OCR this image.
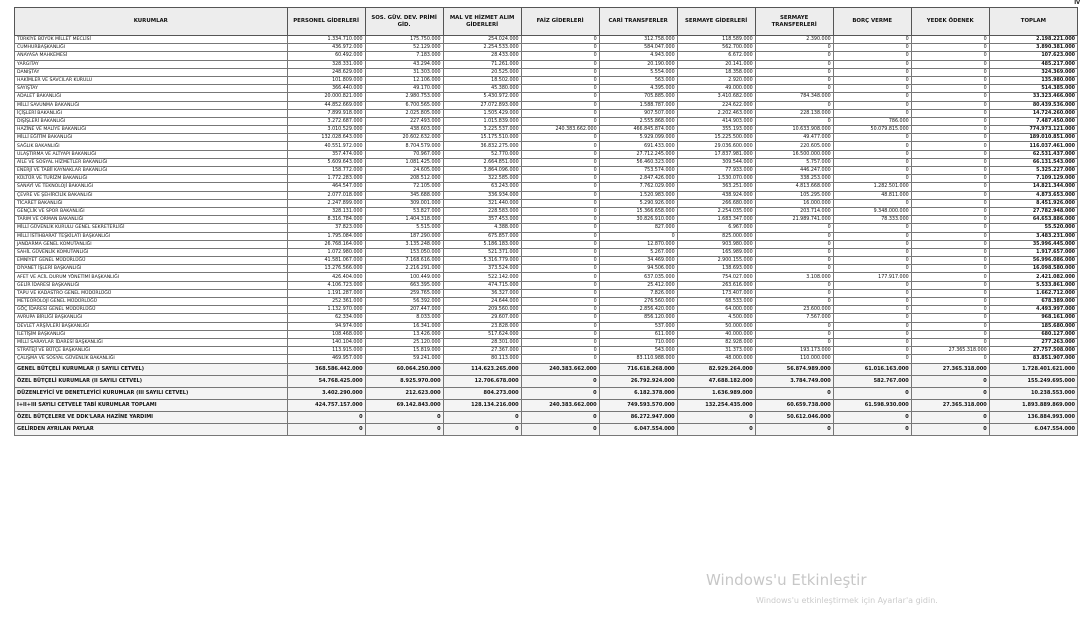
IV
KURUMLAR	PERSONEL GİDERLERİ	SOS. GÜV. DEV. PRİMİ GİD.	MAL VE HİZMET ALIM GİDERLERİ	FAİZ GİDERLERİ	CARİ TRANSFERLER	SERMAYE GİDERLERİ	SERMAYE TRANSFERLERİ	BORÇ VERME	YEDEK ÖDENEK	TOPLAM
TÜRKİYE BÜYÜK MİLLET MECLİSİ	1.334.710.000	175.750.000	254.024.000	0	312.758.000	118.589.000	2.390.000	0	0	2.198.221.000
CUMHURBAŞKANLIĞI	436.972.000	52.129.000	2.254.533.000	0	584.047.000	562.700.000	0	0	0	3.890.381.000
ANAYASA MAHKEMESİ	60.492.000	7.183.000	28.433.000	0	4.943.000	6.672.000	0	0	0	107.623.000
YARGITAY	328.331.000	43.294.000	71.261.000	0	20.190.000	20.141.000	0	0	0	485.217.000
DANIŞTAY	248.629.000	31.303.000	20.525.000	0	5.554.000	18.358.000	0	0	0	324.369.000
HAKİMLER VE SAVCILAR KURULU	101.809.000	12.106.000	18.502.000	0	563.000	2.920.000	0	0	0	135.980.000
SAYIŞTAY	366.440.000	49.170.000	45.380.000	0	4.395.000	49.000.000	0	0	0	514.385.000
ADALET BAKANLIĞI	20.000.821.000	2.980.753.000	5.430.972.000	0	705.885.000	3.410.682.000	784.348.000	0	0	33.323.466.000
MİLLİ SAVUNMA BAKANLIĞI	44.852.669.000	6.700.565.000	27.072.893.000	0	1.588.787.000	224.622.000	0	0	0	80.439.536.000
İÇİŞLERİ BAKANLIĞI	7.899.918.000	2.025.805.000	1.505.429.000	0	907.507.000	2.202.463.000	228.138.000	0	0	14.724.260.000
DIŞİŞLERİ BAKANLIĞI	3.272.687.000	227.493.000	1.015.839.000	0	2.555.868.000	414.903.000	0	786.000	0	7.487.450.000
HAZİNE VE MALİYE BAKANLIĞI	3.010.529.000	438.603.000	3.225.537.000	240.383.662.000	466.845.874.000	355.193.000	10.633.908.000	50.079.815.000	0	774.973.121.000
MİLLİ EĞİTİM BAKANLIĞI	132.028.643.000	20.602.632.000	15.175.510.000	0	5.929.099.000	15.225.500.000	49.477.000	0	0	189.010.851.000
SAĞLIK BAKANLIĞI	40.551.972.000	8.704.579.000	36.832.275.000	0	691.433.000	29.036.600.000	220.605.000	0	0	116.037.461.000
ULAŞTIRMA VE ALTYAPI BAKANLIĞI	357.474.000	70.967.000	52.770.000	0	27.712.245.000	17.837.981.000	16.500.000.000	0	0	62.531.437.000
AİLE VE SOSYAL HİZMETLER BAKANLIĞI	5.609.643.000	1.081.425.000	2.664.851.000	0	56.460.323.000	309.544.000	5.757.000	0	0	66.131.543.000
ENERJİ VE TABİİ KAYNAKLAR BAKANLIĞI	158.772.000	24.605.000	3.864.096.000	0	753.574.000	77.933.000	446.247.000	0	0	5.325.227.000
KÜLTÜR VE TURİZM BAKANLIĞI	1.772.283.000	208.512.000	322.585.000	0	2.847.426.000	1.530.070.000	338.253.000	0	0	7.109.129.000
SANAYİ VE TEKNOLOJİ BAKANLIĞI	464.547.000	72.105.000	63.243.000	0	7.762.029.000	363.251.000	4.813.668.000	1.282.501.000	0	14.821.344.000
ÇEVRE VE ŞEHİRCİLİK BAKANLIĞI	2.077.018.000	345.688.000	336.934.000	0	1.520.983.000	438.924.000	105.295.000	48.811.000	0	4.873.653.000
TİCARET BAKANLIĞI	2.247.899.000	309.001.000	321.440.000	0	5.290.926.000	266.680.000	16.000.000	0	0	8.451.926.000
GENÇLİK VE SPOR BAKANLIĞI	328.131.000	53.827.000	228.583.000	0	15.366.658.000	2.254.035.000	203.714.000	9.348.000.000	0	27.782.948.000
TARIM VE ORMAN BAKANLIĞI	8.316.784.000	1.404.318.000	357.453.000	0	30.826.910.000	1.683.347.000	21.989.741.000	78.333.000	0	64.653.886.000
MİLLİ GÜVENLİK KURULU GENEL SEKRETERLİĞİ	37.823.000	5.515.000	4.388.000	0	827.000	6.967.000	0	0	0	55.520.000
MİLLİ İSTİHBARAT TEŞKİLATI BAŞKANLIĞI	1.795.084.000	187.290.000	675.857.000	0	0	825.000.000	0	0	0	3.483.231.000
JANDARMA GENEL KOMUTANLIĞI	26.768.164.000	3.135.248.000	5.186.183.000	0	12.870.000	903.980.000	0	0	0	35.996.445.000
SAHİL GÜVENLİK KOMUTANLIĞI	1.072.980.000	153.050.000	521.371.000	0	5.267.000	165.989.000	0	0	0	1.917.657.000
EMNİYET GENEL MÜDÜRLÜĞÜ	41.581.067.000	7.168.616.000	5.316.779.000	0	34.469.000	2.900.155.000	0	0	0	56.996.086.000
DİYANET İŞLERİ BAŞKANLIĞI	13.276.566.000	2.216.291.000	373.524.000	0	94.506.000	138.693.000	0	0	0	16.098.580.000
AFET VE ACİL DURUM YÖNETİMİ BAŞKANLIĞI	426.404.000	100.449.000	522.142.000	0	637.035.000	754.027.000	3.108.000	177.917.000	0	2.421.082.000
GELİR İDARESİ BAŞKANLIĞI	4.106.723.000	663.395.000	474.715.000	0	25.412.000	263.616.000	0	0	0	5.533.861.000
TAPU VE KADASTRO GENEL MÜDÜRLÜĞÜ	1.191.287.000	259.765.000	36.327.000	0	7.826.000	173.407.000	0	0	0	1.662.712.000
METEOROLOJİ GENEL MÜDÜRLÜĞÜ	252.361.000	56.392.000	24.644.000	0	276.560.000	68.533.000	0	0	0	678.389.000
GÖÇ İDARESİ GENEL MÜDÜRLÜĞÜ	1.132.970.000	207.447.000	209.560.000	0	2.856.420.000	64.000.000	23.600.000	0	0	4.493.997.000
AVRUPA BİRLİĞİ BAŞKANLIĞI	62.334.000	8.033.000	29.607.000	0	856.120.000	4.500.000	7.567.000	0	0	968.161.000
DEVLET ARŞİVLERİ BAŞKANLIĞI	94.974.000	16.341.000	23.828.000	0	537.000	50.000.000	0	0	0	185.680.000
İLETİŞİM BAŞKANLIĞI	108.468.000	13.426.000	517.624.000	0	611.000	40.000.000	0	0	0	680.127.000
MİLLİ SARAYLAR İDARESİ BAŞKANLIĞI	140.104.000	25.120.000	28.301.000	0	710.000	82.928.000	0	0	0	277.263.000
STRATEJİ VE BÜTÇE BAŞKANLIĞI	113.915.000	15.819.000	27.367.000	0	543.000	31.373.000	193.173.000	0	27.365.318.000	27.757.508.000
ÇALIŞMA VE SOSYAL GÜVENLİK BAKANLIĞI	469.957.000	59.241.000	80.113.000	0	83.110.988.000	48.000.000	110.000.000	0	0	83.851.907.000
GENEL BÜTÇELİ KURUMLAR (I SAYILI CETVEL)	368.586.442.000	60.064.250.000	114.623.265.000	240.383.662.000	716.618.268.000	82.929.264.000	56.874.989.000	61.016.163.000	27.365.318.000	1.728.401.621.000
ÖZEL BÜTÇELİ KURUMLAR (II SAYILI CETVEL)	54.768.425.000	8.925.970.000	12.706.678.000	0	26.792.924.000	47.688.182.000	3.784.749.000	582.767.000	0	155.249.695.000
DÜZENLEYİCİ VE DENETLEYİCİ KURUMLAR (III SAYILI CETVEL)	3.402.290.000	212.623.000	804.273.000	0	6.182.378.000	1.636.989.000	0	0	0	10.238.553.000
I+II+III SAYILI CETVELE TABİ KURUMLAR TOPLAMI	424.757.157.000	69.142.843.000	128.134.216.000	240.383.662.000	749.593.570.000	132.254.435.000	60.659.738.000	61.598.930.000	27.365.318.000	1.893.889.869.000
ÖZEL BÜTÇELERE VE DDK'LARA HAZİNE YARDIMI	0	0	0	0	86.272.947.000	0	50.612.046.000	0	0	136.884.993.000
GELİRDEN AYRILAN PAYLAR	0	0	0	0	6.047.554.000	0	0	0	0	6.047.554.000
Windows'u Etkinleştir
Windows'u etkinleştirmek için Ayarlar'a gidin.
